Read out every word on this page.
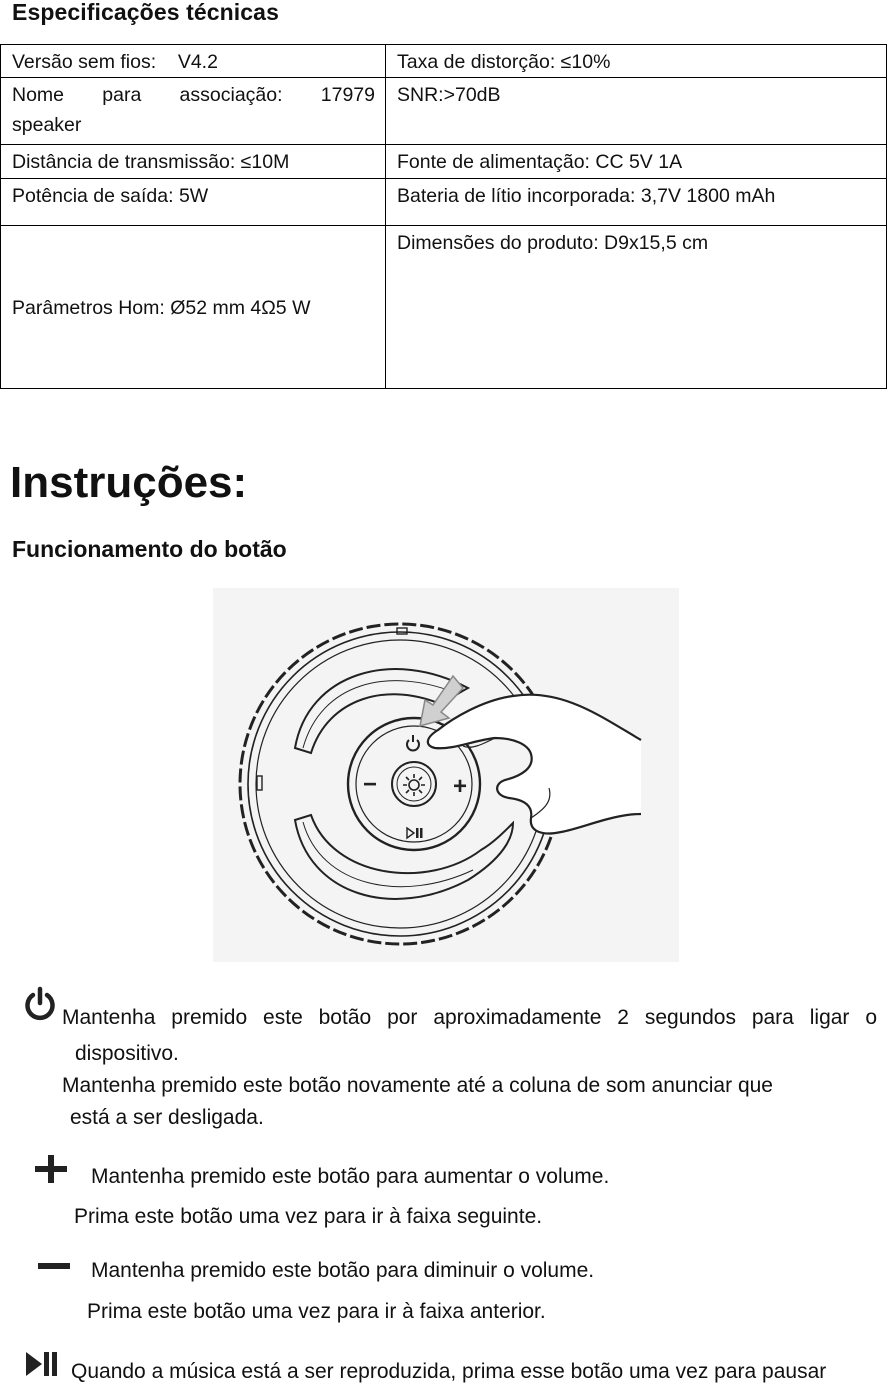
Especificações técnicas
Versão sem fios:    V4.2	Taxa de distorção: ≤10%

Nome para associação: 17979
speaker	SNR:>70dB
Distância de transmissão: ≤10M	Fonte de alimentação: CC 5V 1A
Potência de saída: 5W	Bateria de lítio incorporada: 3,7V 1800 mAh
Parâmetros Hom: Ø52 mm 4Ω5 W	Dimensões do produto: D9x15,5 cm
Instruções:
Funcionamento do botão
−	+
Mantenha premido este botão por aproximadamente 2 segundos para ligar o
dispositivo.
Mantenha premido este botão novamente até a coluna de som anunciar que
está a ser desligada.
Mantenha premido este botão para aumentar o volume.
Prima este botão uma vez para ir à faixa seguinte.
Mantenha premido este botão para diminuir o volume.
Prima este botão uma vez para ir à faixa anterior.
Quando a música está a ser reproduzida, prima esse botão uma vez para pausar
